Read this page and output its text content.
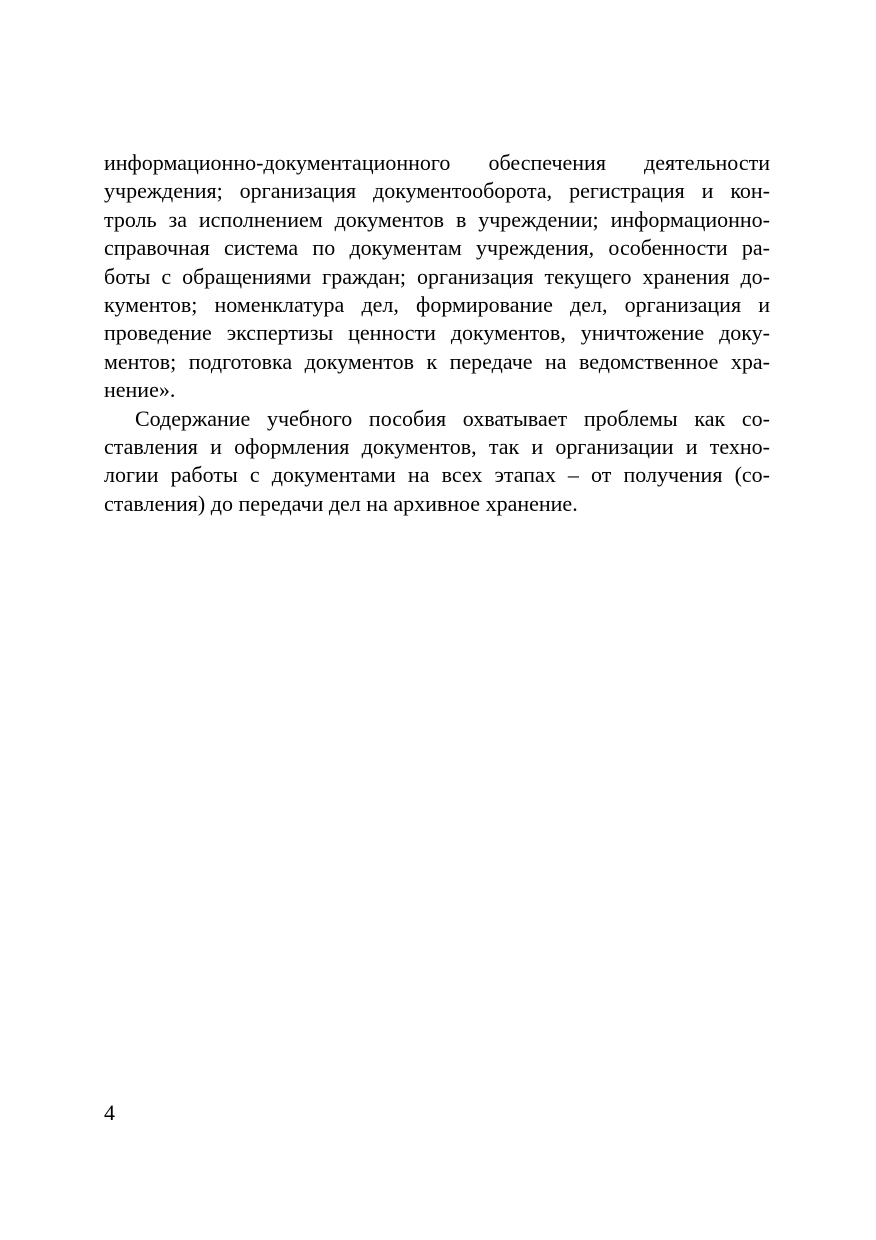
информационно-документационного обеспечения деятельности
учреждения; организация документооборота, регистрация и кон-
троль за исполнением документов в учреждении; информационно-
справочная система по документам учреждения, особенности ра-
боты с обращениями граждан; организация текущего хранения до-
кументов; номенклатура дел, формирование дел, организация и
проведение экспертизы ценности документов, уничтожение доку-
ментов; подготовка документов к передаче на ведомственное хра-
нение».
Содержание учебного пособия охватывает проблемы как со-
ставления и оформления документов, так и организации и техно-
логии работы с документами на всех этапах – от получения (со-
ставления) до передачи дел на архивное хранение.
4
